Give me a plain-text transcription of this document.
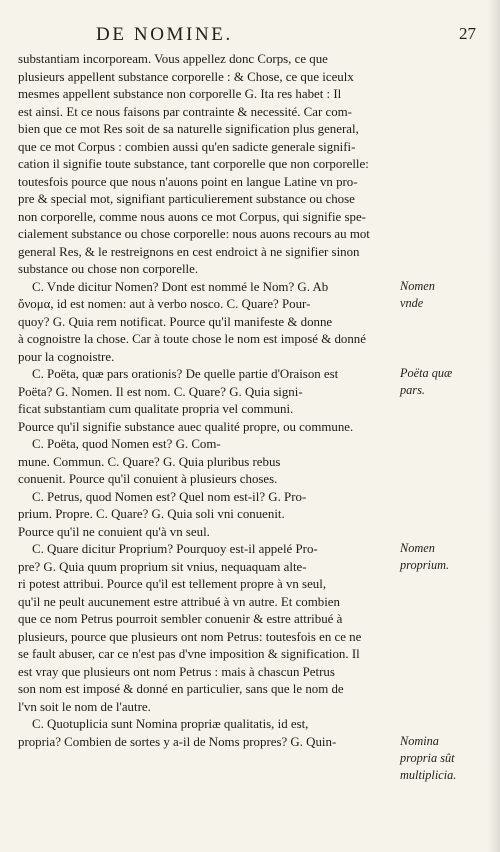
DE NOMINE.	27
substantiam incorpoream. Vous appellez donc Corps, ce que
plusieurs appellent substance corporelle : & Chose, ce que iceulx
mesmes appellent substance non corporelle G. Ita res habet : Il
est ainsi. Et ce nous faisons par contrainte & necessité. Car com-
bien que ce mot Res soit de sa naturelle signification plus general,
que ce mot Corpus : combien aussi qu'en sadicte generale signifi-
cation il signifie toute substance, tant corporelle que non corporelle:
toutesfois pource que nous n'auons point en langue Latine vn pro-
pre & special mot, signifiant particulierement substance ou chose
non corporelle, comme nous auons ce mot Corpus, qui signifie spe-
cialement substance ou chose corporelle: nous auons recours au mot
general Res, & le restreignons en cest endroict à ne signifier sinon
substance ou chose non corporelle.
C. Vnde dicitur Nomen? Dont est nommé le Nom? G. Ab
ὄνομα, id est nomen: aut à verbo nosco. C. Quare? Pour-
quoy? G. Quia rem notificat. Pource qu'il manifeste & donne
à cognoistre la chose. Car à toute chose le nom est imposé & donné
pour la cognoistre.
C. Poëta, quæ pars orationis? De quelle partie d'Oraison est
Poëta? G. Nomen. Il est nom. C. Quare? G. Quia signi-
ficat substantiam cum qualitate propria vel communi.
Pource qu'il signifie substance auec qualité propre, ou commune.
C. Poëta, quod Nomen est? G. Com-
mune. Commun. C. Quare? G. Quia pluribus rebus
conuenit. Pource qu'il conuient à plusieurs choses.
C. Petrus, quod Nomen est? Quel nom est-il? G. Pro-
prium. Propre. C. Quare? G. Quia soli vni conuenit.
Pource qu'il ne conuient qu'à vn seul.
C. Quare dicitur Proprium? Pourquoy est-il appelé Pro-
pre? G. Quia quum proprium sit vnius, nequaquam alte-
ri potest attribui. Pource qu'il est tellement propre à vn seul,
qu'il ne peult aucunement estre attribué à vn autre. Et combien
que ce nom Petrus pourroit sembler conuenir & estre attribué à
plusieurs, pource que plusieurs ont nom Petrus: toutesfois en ce ne
se fault abuser, car ce n'est pas d'vne imposition & signification. Il
est vray que plusieurs ont nom Petrus : mais à chascun Petrus
son nom est imposé & donné en particulier, sans que le nom de
l'vn soit le nom de l'autre.
C. Quotuplicia sunt Nomina propriæ qualitatis, id est,
propria? Combien de sortes y a-il de Noms propres? G. Quin-
Nomen
vnde
Poëta quæ
pars.
Nomen
proprium.
Nomina
propria sût
multiplicia.
